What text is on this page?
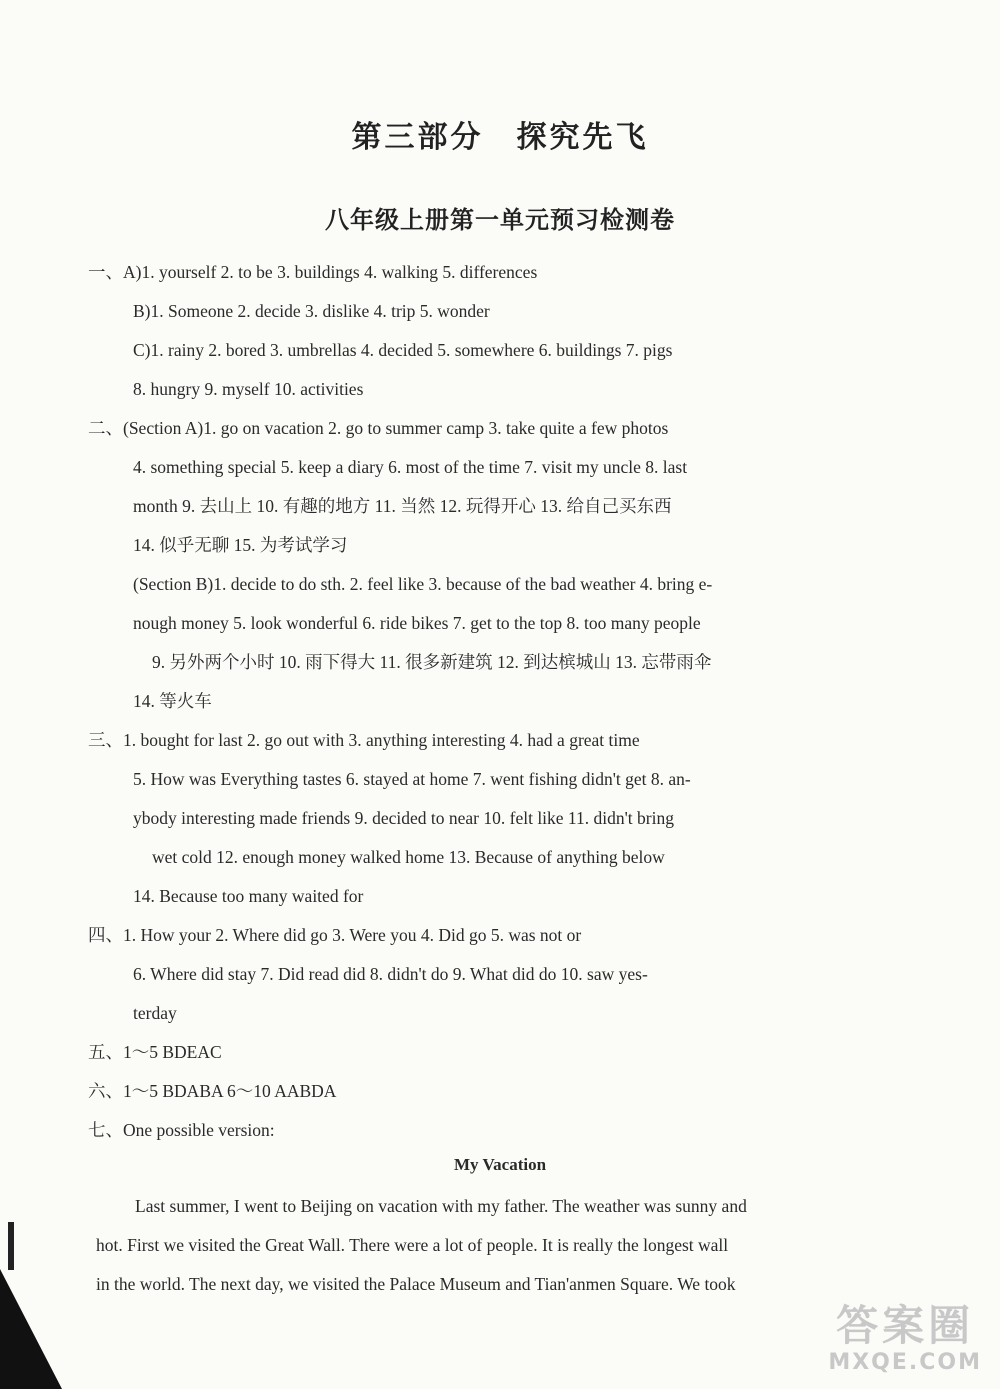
第三部分　探究先飞
八年级上册第一单元预习检测卷
一、A)1. yourself 2. to be 3. buildings 4. walking 5. differences
B)1. Someone 2. decide 3. dislike 4. trip 5. wonder
C)1. rainy 2. bored 3. umbrellas 4. decided 5. somewhere 6. buildings 7. pigs
8. hungry 9. myself 10. activities
二、(Section A)1. go on vacation 2. go to summer camp 3. take quite a few photos
4. something special 5. keep a diary 6. most of the time 7. visit my uncle 8. last
month 9. 去山上 10. 有趣的地方 11. 当然 12. 玩得开心 13. 给自己买东西
14. 似乎无聊 15. 为考试学习
(Section B)1. decide to do sth. 2. feel like 3. because of the bad weather 4. bring e-
nough money 5. look wonderful 6. ride bikes 7. get to the top 8. too many people
9. 另外两个小时 10. 雨下得大 11. 很多新建筑 12. 到达槟城山 13. 忘带雨伞
14. 等火车
三、1. bought for last 2. go out with 3. anything interesting 4. had a great time
5. How was Everything tastes 6. stayed at home 7. went fishing didn't get 8. an-
ybody interesting made friends 9. decided to near 10. felt like 11. didn't bring
wet cold 12. enough money walked home 13. Because of anything below
14. Because too many waited for
四、1. How your 2. Where did go 3. Were you 4. Did go 5. was not or
6. Where did stay 7. Did read did 8. didn't do 9. What did do 10. saw yes-
terday
五、1～5 BDEAC
六、1～5 BDABA 6～10 AABDA
七、One possible version:
My Vacation
Last summer, I went to Beijing on vacation with my father. The weather was sunny and
hot. First we visited the Great Wall. There were a lot of people. It is really the longest wall
in the world. The next day, we visited the Palace Museum and Tian'anmen Square. We took
答案圈
MXQE.COM
